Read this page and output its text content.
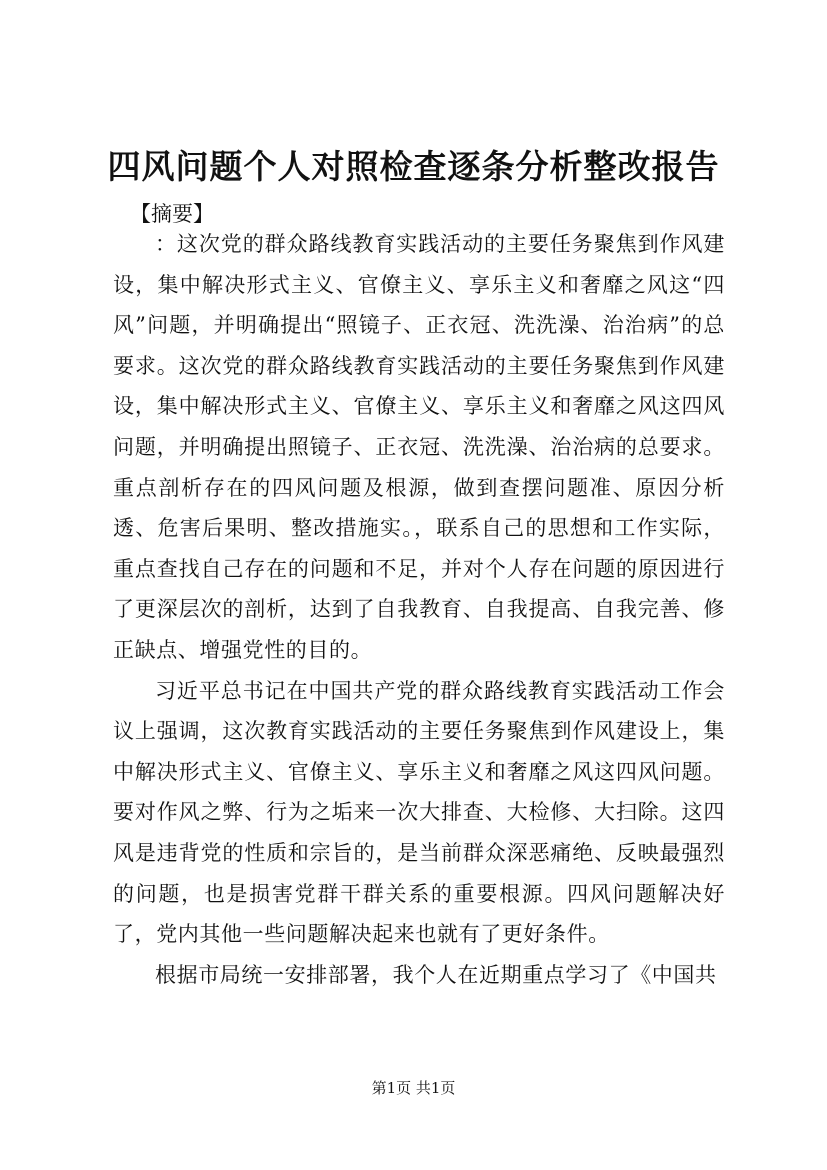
四风问题个人对照检查逐条分析整改报告

【摘要】

：这次党的群众路线教育实践活动的主要任务聚焦到作风建设，集中解决形式主义、官僚主义、享乐主义和奢靡之风这“四风”问题，并明确提出“照镜子、正衣冠、洗洗澡、治治病”的总要求。这次党的群众路线教育实践活动的主要任务聚焦到作风建设，集中解决形式主义、官僚主义、享乐主义和奢靡之风这四风问题，并明确提出照镜子、正衣冠、洗洗澡、治治病的总要求。重点剖析存在的四风问题及根源，做到查摆问题准、原因分析透、危害后果明、整改措施实。，联系自己的思想和工作实际，重点查找自己存在的问题和不足，并对个人存在问题的原因进行了更深层次的剖析，达到了自我教育、自我提高、自我完善、修正缺点、增强党性的目的。

习近平总书记在中国共产党的群众路线教育实践活动工作会议上强调，这次教育实践活动的主要任务聚焦到作风建设上，集中解决形式主义、官僚主义、享乐主义和奢靡之风这四风问题。要对作风之弊、行为之垢来一次大排查、大检修、大扫除。这四风是违背党的性质和宗旨的，是当前群众深恶痛绝、反映最强烈的问题，也是损害党群干群关系的重要根源。四风问题解决好了，党内其他一些问题解决起来也就有了更好条件。

根据市局统一安排部署，我个人在近期重点学习了《中国共

第1页 共1页
